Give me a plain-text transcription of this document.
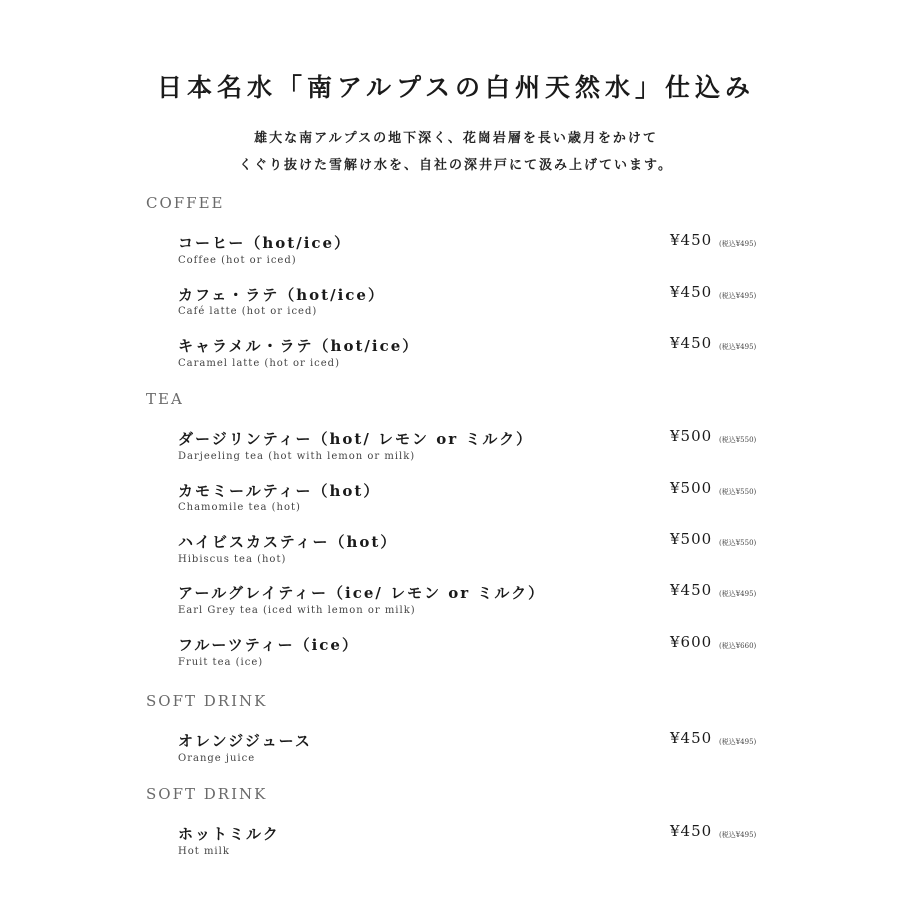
日本名水「南アルプスの白州天然水」仕込み
雄大な南アルプスの地下深く、花崗岩層を長い歳月をかけて
くぐり抜けた雪解け水を、自社の深井戸にて汲み上げています。
COFFEE
コーヒー（hot/ice）
Coffee (hot or iced)
¥450 (税込¥495)
カフェ・ラテ（hot/ice）
Café latte (hot or iced)
¥450 (税込¥495)
キャラメル・ラテ（hot/ice）
Caramel latte (hot or iced)
¥450 (税込¥495)
TEA
ダージリンティー（hot/ レモン or ミルク）
Darjeeling tea (hot with lemon or milk)
¥500 (税込¥550)
カモミールティー（hot）
Chamomile tea (hot)
¥500 (税込¥550)
ハイビスカスティー（hot）
Hibiscus tea (hot)
¥500 (税込¥550)
アールグレイティー（ice/ レモン or ミルク）
Earl Grey tea (iced with lemon or milk)
¥450 (税込¥495)
フルーツティー（ice）
Fruit tea (ice)
¥600 (税込¥660)
SOFT DRINK
オレンジジュース
Orange juice
¥450 (税込¥495)
SOFT DRINK
ホットミルク
Hot milk
¥450 (税込¥495)
